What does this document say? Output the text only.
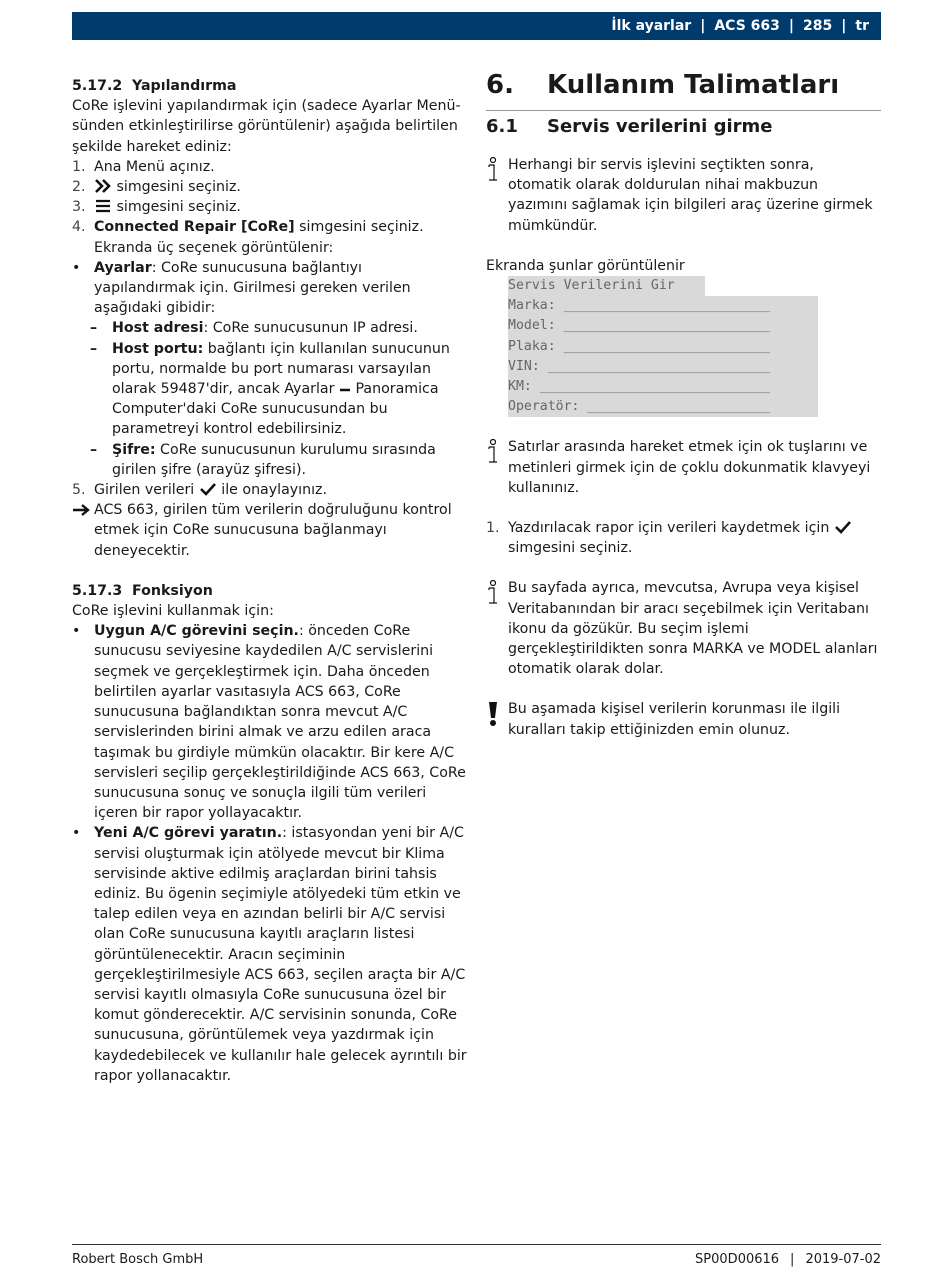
İlk ayarlar | ACS 663 | 285 | tr

5.17.2 Yapılandırma

CoRe işlevini yapılandırmak için (sadece Ayarlar Menü-sünden etkinleştirilirse görüntülenir) aşağıda belirtilen şekilde hareket ediniz:

1. Ana Menü açınız.
2. simgesini seçiniz.
3. simgesini seçiniz.
4. Connected Repair [CoRe] simgesini seçiniz. Ekranda üç seçenek görüntülenir:
• Ayarlar: CoRe sunucusuna bağlantıyı yapılandırmak için. Girilmesi gereken verilen aşağıdaki gibidir:
– Host adresi: CoRe sunucusunun IP adresi.
– Host portu: bağlantı için kullanılan sunucunun portu, normalde bu port numarası varsayılan olarak 59487'dir, ancak Ayarlar  Panoramica Computer'daki CoRe sunucusundan bu parametreyi kontrol edebilirsiniz.
– Şifre: CoRe sunucusunun kurulumu sırasında girilen şifre (arayüz şifresi).
5. Girilen verileri ile onaylayınız.
ACS 663, girilen tüm verilerin doğruluğunu kontrol etmek için CoRe sunucusuna bağlanmayı deneyecektir.

5.17.3 Fonksiyon

CoRe işlevini kullanmak için:

• Uygun A/C görevini seçin.: önceden CoRe sunucusu seviyesine kaydedilen A/C servislerini seçmek ve gerçekleştirmek için. Daha önceden belirtilen ayarlar vasıtasıyla ACS 663, CoRe sunucusuna bağlandıktan sonra mevcut A/C servislerinden birini almak ve arzu edilen araca taşımak bu girdiyle mümkün olacaktır. Bir kere A/C servisleri seçilip gerçekleştirildiğinde ACS 663, CoRe sunucusuna sonuç ve sonuçla ilgili tüm verileri içeren bir rapor yollayacaktır.
• Yeni A/C görevi yaratın.: istasyondan yeni bir A/C servisi oluşturmak için atölyede mevcut bir Klima servisinde aktive edilmiş araçlardan birini tahsis ediniz. Bu ögenin seçimiyle atölyedeki tüm etkin ve talep edilen veya en azından belirli bir A/C servisi olan CoRe sunucusuna kayıtlı araçların listesi görüntülenecektir. Aracın seçiminin gerçekleştirilmesiyle ACS 663, seçilen araçta bir A/C servisi kayıtlı olmasıyla CoRe sunucusuna özel bir komut gönderecektir. A/C servisinin sonunda, CoRe sunucusuna, görüntülemek veya yazdırmak için kaydedebilecek ve kullanılır hale gelecek ayrıntılı bir rapor yollanacaktır.
6. Kullanım Talimatları
6.1 Servis verilerini girme
Herhangi bir servis işlevini seçtikten sonra, otomatik olarak doldurulan nihai makbuzun yazımını sağlamak için bilgileri araç üzerine girmek mümkündür.

Ekranda şunlar görüntülenir

Servis Verilerini Gir
Marka: __________________________
Model: __________________________
Plaka: __________________________
VIN: ____________________________
KM: _____________________________
Operatör: _______________________
Satırlar arasında hareket etmek için ok tuşlarını ve metinleri girmek için de çoklu dokunmatik klavyeyi kullanınız.
1. Yazdırılacak rapor için verileri kaydetmek için  simgesini seçiniz.
Bu sayfada ayrıca, mevcutsa, Avrupa veya kişisel Veritabanından bir aracı seçebilmek için Veritabanı ikonu da gözükür. Bu seçim işlemi gerçekleştirildikten sonra MARKA ve MODEL alanları otomatik olarak dolar.
Bu aşamada kişisel verilerin korunması ile ilgili kuralları takip ettiğinizden emin olunuz.
Robert Bosch GmbH	SP00D00616 | 2019-07-02
